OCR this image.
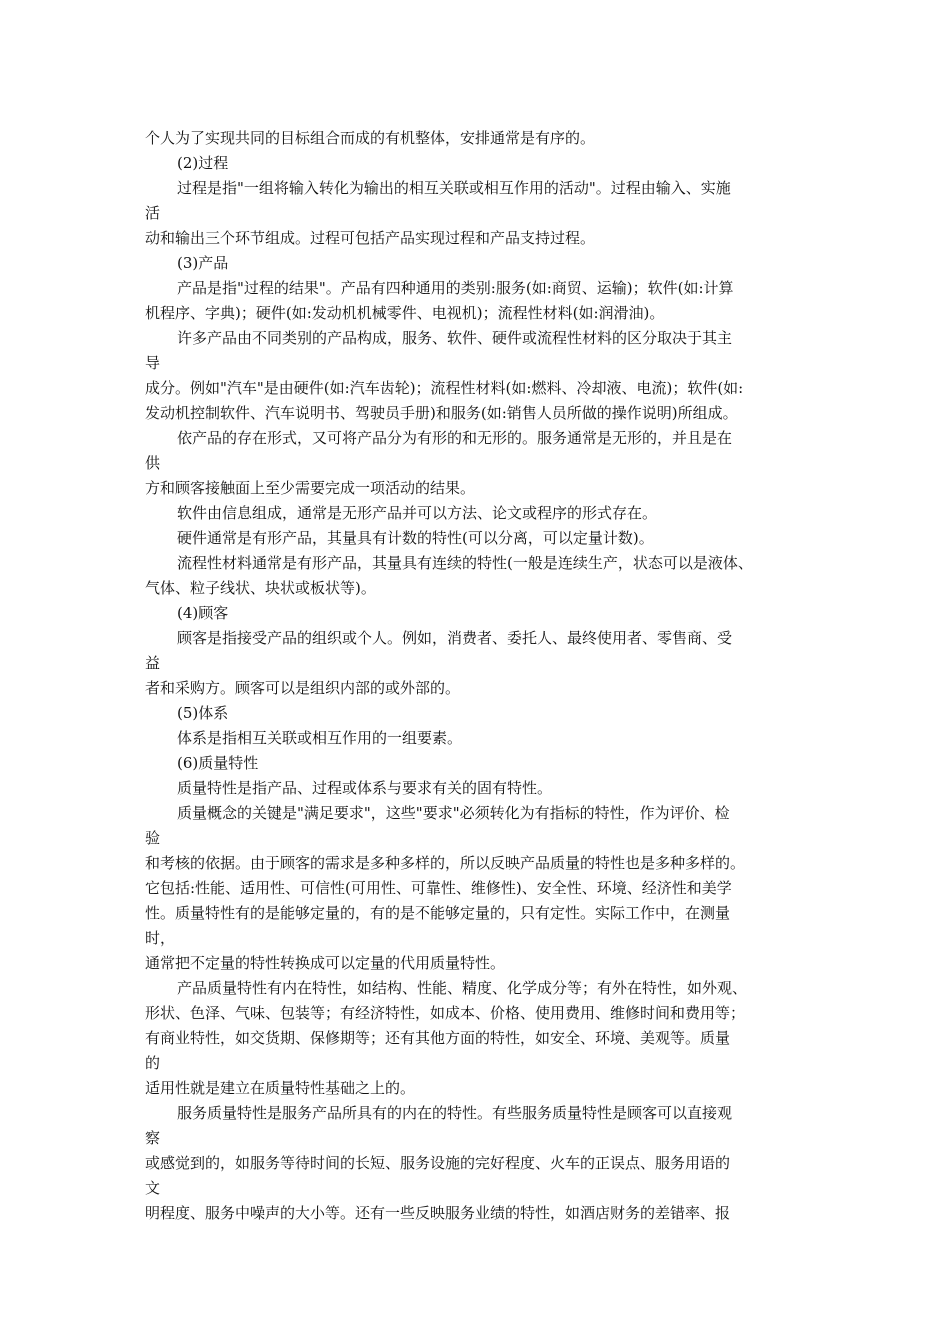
个人为了实现共同的目标组合而成的有机整体，安排通常是有序的。
(2)过程
过程是指"一组将输入转化为输出的相互关联或相互作用的活动"。过程由输入、实施
活
动和输出三个环节组成。过程可包括产品实现过程和产品支持过程。
(3)产品
产品是指"过程的结果"。产品有四种通用的类别:服务(如:商贸、运输)；软件(如:计算
机程序、字典)；硬件(如:发动机机械零件、电视机)；流程性材料(如:润滑油)。
许多产品由不同类别的产品构成，服务、软件、硬件或流程性材料的区分取决于其主
导
成分。例如"汽车"是由硬件(如:汽车齿轮)；流程性材料(如:燃料、冷却液、电流)；软件(如:
发动机控制软件、汽车说明书、驾驶员手册)和服务(如:销售人员所做的操作说明)所组成。
依产品的存在形式，又可将产品分为有形的和无形的。服务通常是无形的，并且是在
供
方和顾客接触面上至少需要完成一项活动的结果。
软件由信息组成，通常是无形产品并可以方法、论文或程序的形式存在。
硬件通常是有形产品，其量具有计数的特性(可以分离，可以定量计数)。
流程性材料通常是有形产品，其量具有连续的特性(一般是连续生产，状态可以是液体、
气体、粒子线状、块状或板状等)。
(4)顾客
顾客是指接受产品的组织或个人。例如，消费者、委托人、最终使用者、零售商、受
益
者和采购方。顾客可以是组织内部的或外部的。
(5)体系
体系是指相互关联或相互作用的一组要素。
(6)质量特性
质量特性是指产品、过程或体系与要求有关的固有特性。
质量概念的关键是"满足要求"，这些"要求"必须转化为有指标的特性，作为评价、检
验
和考核的依据。由于顾客的需求是多种多样的，所以反映产品质量的特性也是多种多样的。
它包括:性能、适用性、可信性(可用性、可靠性、维修性)、安全性、环境、经济性和美学
性。质量特性有的是能够定量的，有的是不能够定量的，只有定性。实际工作中，在测量
时，
通常把不定量的特性转换成可以定量的代用质量特性。
产品质量特性有内在特性，如结构、性能、精度、化学成分等；有外在特性，如外观、
形状、色泽、气味、包装等；有经济特性，如成本、价格、使用费用、维修时间和费用等；
有商业特性，如交货期、保修期等；还有其他方面的特性，如安全、环境、美观等。质量
的
适用性就是建立在质量特性基础之上的。
服务质量特性是服务产品所具有的内在的特性。有些服务质量特性是顾客可以直接观
察
或感觉到的，如服务等待时间的长短、服务设施的完好程度、火车的正误点、服务用语的
文
明程度、服务中噪声的大小等。还有一些反映服务业绩的特性，如酒店财务的差错率、报
